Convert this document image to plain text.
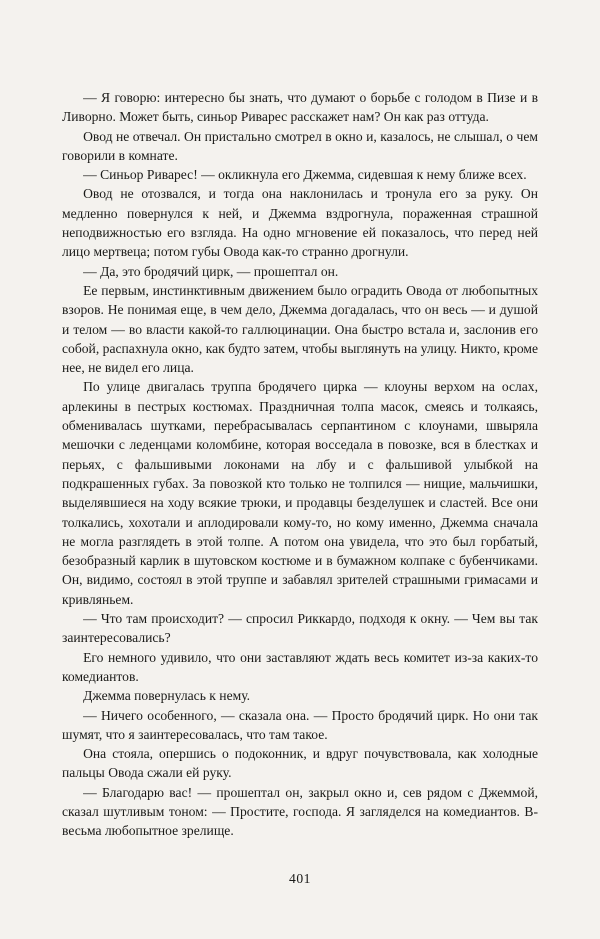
— Я говорю: интересно бы знать, что думают о борьбе с голодом в Пизе и в Ливорно. Может быть, синьор Риварес расскажет нам? Он как раз оттуда.

Овод не отвечал. Он пристально смотрел в окно и, казалось, не слышал, о чем говорили в комнате.

— Синьор Риварес! — окликнула его Джемма, сидевшая к нему ближе всех.

Овод не отозвался, и тогда она наклонилась и тронула его за руку. Он медленно повернулся к ней, и Джемма вздрогнула, пораженная страшной неподвижностью его взгляда. На одно мгновение ей показалось, что перед ней лицо мертвеца; потом губы Овода как-то странно дрогнули.

— Да, это бродячий цирк, — прошептал он.

Ее первым, инстинктивным движением было оградить Овода от любопытных взоров. Не понимая еще, в чем дело, Джемма догадалась, что он весь — и душой и телом — во власти какой-то галлюцинации. Она быстро встала и, заслонив его собой, распахнула окно, как будто затем, чтобы выглянуть на улицу. Никто, кроме нее, не видел его лица.

По улице двигалась труппа бродячего цирка — клоуны верхом на ослах, арлекины в пестрых костюмах. Праздничная толпа масок, смеясь и толкаясь, обменивалась шутками, перебрасывалась серпантином с клоунами, швыряла мешочки с леденцами коломбине, которая восседала в повозке, вся в блестках и перьях, с фальшивыми локонами на лбу и с фальшивой улыбкой на подкрашенных губах. За повозкой кто только не толпился — нищие, мальчишки, выделявшиеся на ходу всякие трюки, и продавцы безделушек и сластей. Все они толкались, хохотали и аплодировали кому-то, но кому именно, Джемма сначала не могла разглядеть в этой толпе. А потом она увидела, что это был горбатый, безобразный карлик в шутовском костюме и в бумажном колпаке с бубенчиками. Он, видимо, состоял в этой труппе и забавлял зрителей страшными гримасами и кривляньем.

— Что там происходит? — спросил Риккардо, подходя к окну. — Чем вы так заинтересовались?

Его немного удивило, что они заставляют ждать весь комитет из-за каких-то комедиантов.

Джемма повернулась к нему.

— Ничего особенного, — сказала она. — Просто бродячий цирк. Но они так шумят, что я заинтересовалась, что там такое.

Она стояла, опершись о подоконник, и вдруг почувствовала, как холодные пальцы Овода сжали ей руку.

— Благодарю вас! — прошептал он, закрыл окно и, сев рядом с Джеммой, сказал шутливым тоном: — Простите, господа. Я загляделся на комедиантов. В-весьма любопытное зрелище.

401
